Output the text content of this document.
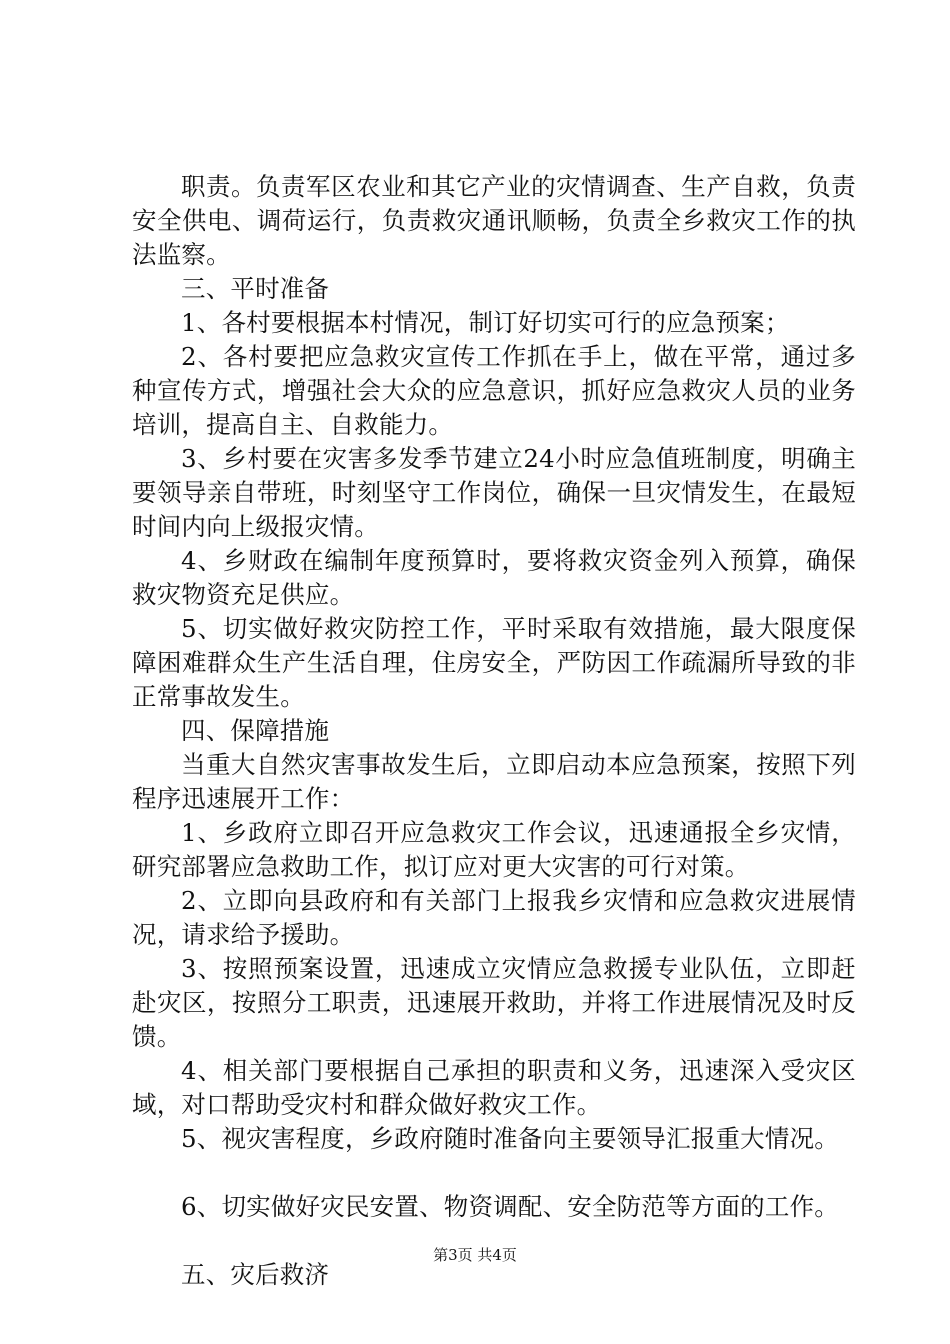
职责。负责军区农业和其它产业的灾情调查、生产自救，负责安全供电、调荷运行，负责救灾通讯顺畅，负责全乡救灾工作的执法监察。

三、平时准备

1、各村要根据本村情况，制订好切实可行的应急预案；

2、各村要把应急救灾宣传工作抓在手上，做在平常，通过多种宣传方式，增强社会大众的应急意识，抓好应急救灾人员的业务培训，提高自主、自救能力。

3、乡村要在灾害多发季节建立24小时应急值班制度，明确主要领导亲自带班，时刻坚守工作岗位，确保一旦灾情发生，在最短时间内向上级报灾情。

4、乡财政在编制年度预算时，要将救灾资金列入预算，确保救灾物资充足供应。

5、切实做好救灾防控工作，平时采取有效措施，最大限度保障困难群众生产生活自理，住房安全，严防因工作疏漏所导致的非正常事故发生。

四、保障措施

当重大自然灾害事故发生后，立即启动本应急预案，按照下列程序迅速展开工作：

1、乡政府立即召开应急救灾工作会议，迅速通报全乡灾情，研究部署应急救助工作，拟订应对更大灾害的可行对策。

2、立即向县政府和有关部门上报我乡灾情和应急救灾进展情况，请求给予援助。

3、按照预案设置，迅速成立灾情应急救援专业队伍，立即赶赴灾区，按照分工职责，迅速展开救助，并将工作进展情况及时反馈。

4、相关部门要根据自己承担的职责和义务，迅速深入受灾区域，对口帮助受灾村和群众做好救灾工作。

5、视灾害程度，乡政府随时准备向主要领导汇报重大情况。

6、切实做好灾民安置、物资调配、安全防范等方面的工作。

五、灾后救济

第3页 共4页
